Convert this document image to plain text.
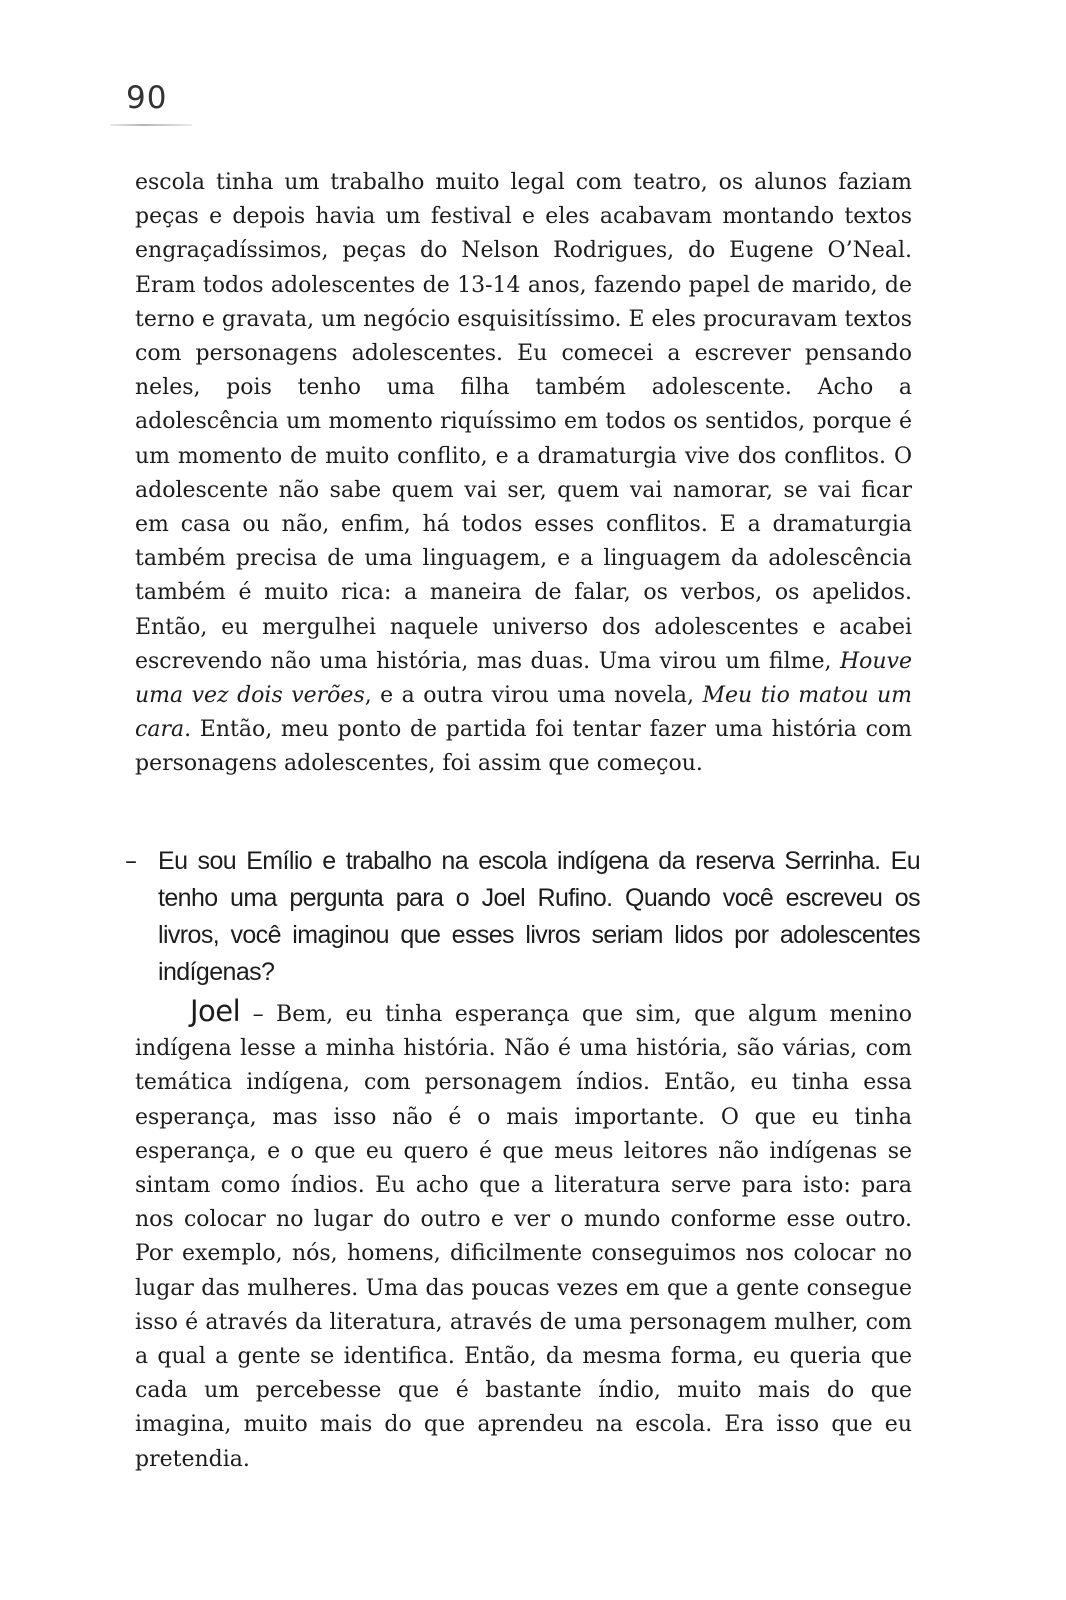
90

escola tinha um trabalho muito legal com teatro, os alunos faziam peças e depois havia um festival e eles acabavam montando textos engraçadíssimos, peças do Nelson Rodrigues, do Eugene O’Neal. Eram todos adolescentes de 13-14 anos, fazendo papel de marido, de terno e gravata, um negócio esquisitíssimo. E eles procuravam textos com personagens adolescentes. Eu comecei a escrever pensando neles, pois tenho uma filha também adolescente. Acho a adolescência um momento riquíssimo em todos os sentidos, porque é um momento de muito conflito, e a dramaturgia vive dos conflitos. O adolescente não sabe quem vai ser, quem vai namorar, se vai ficar em casa ou não, enfim, há todos esses conflitos. E a dramaturgia também precisa de uma linguagem, e a linguagem da adolescência também é muito rica: a maneira de falar, os verbos, os apelidos. Então, eu mergulhei naquele universo dos adolescentes e acabei escrevendo não uma história, mas duas. Uma virou um filme, Houve uma vez dois verões, e a outra virou uma novela, Meu tio matou um cara. Então, meu ponto de partida foi tentar fazer uma história com personagens adolescentes, foi assim que começou.

– Eu sou Emílio e trabalho na escola indígena da reserva Serrinha. Eu tenho uma pergunta para o Joel Rufino. Quando você escreveu os livros, você imaginou que esses livros seriam lidos por adolescentes indígenas?

Joel – Bem, eu tinha esperança que sim, que algum menino indígena lesse a minha história. Não é uma história, são várias, com temática indígena, com personagem índios. Então, eu tinha essa esperança, mas isso não é o mais importante. O que eu tinha esperança, e o que eu quero é que meus leitores não indígenas se sintam como índios. Eu acho que a literatura serve para isto: para nos colocar no lugar do outro e ver o mundo conforme esse outro. Por exemplo, nós, homens, dificilmente conseguimos nos colocar no lugar das mulheres. Uma das poucas vezes em que a gente consegue isso é através da literatura, através de uma personagem mulher, com a qual a gente se identifica. Então, da mesma forma, eu queria que cada um percebesse que é bastante índio, muito mais do que imagina, muito mais do que aprendeu na escola. Era isso que eu pretendia.
